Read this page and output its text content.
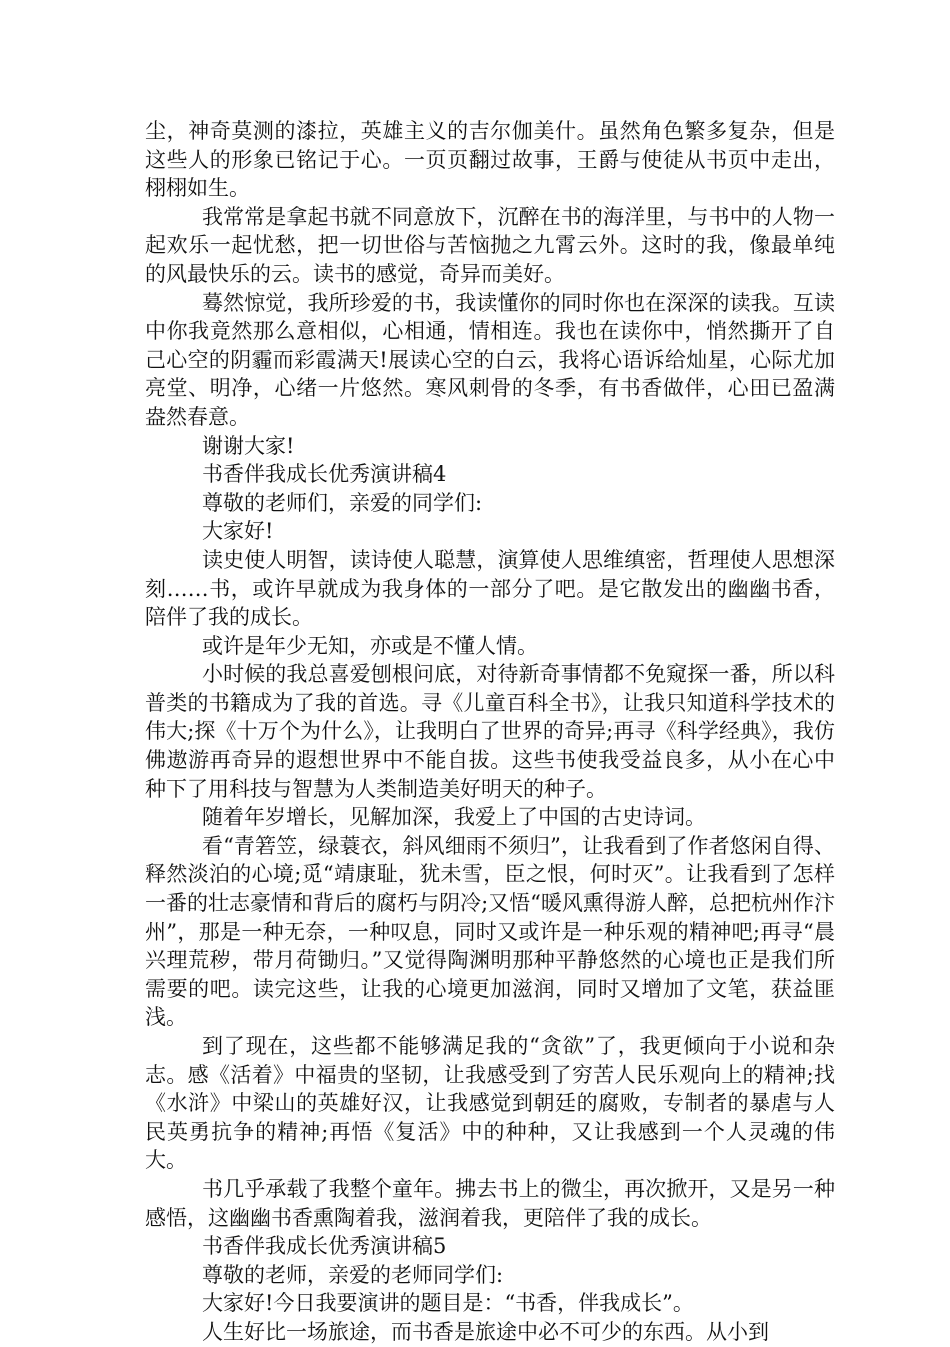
尘，神奇莫测的漆拉，英雄主义的吉尔伽美什。虽然角色繁多复杂，但是这些人的形象已铭记于心。一页页翻过故事，王爵与使徒从书页中走出，栩栩如生。

我常常是拿起书就不同意放下，沉醉在书的海洋里，与书中的人物一起欢乐一起忧愁，把一切世俗与苦恼抛之九霄云外。这时的我，像最单纯的风最快乐的云。读书的感觉，奇异而美好。

蓦然惊觉，我所珍爱的书，我读懂你的同时你也在深深的读我。互读中你我竟然那么意相似，心相通，情相连。我也在读你中，悄然撕开了自己心空的阴霾而彩霞满天!展读心空的白云，我将心语诉给灿星，心际尤加亮堂、明净，心绪一片悠然。寒风刺骨的冬季，有书香做伴，心田已盈满盎然春意。

谢谢大家!

书香伴我成长优秀演讲稿4

尊敬的老师们，亲爱的同学们:

大家好!

读史使人明智，读诗使人聪慧，演算使人思维缜密，哲理使人思想深刻……书，或许早就成为我身体的一部分了吧。是它散发出的幽幽书香，陪伴了我的成长。

或许是年少无知，亦或是不懂人情。

小时候的我总喜爱刨根问底，对待新奇事情都不免窥探一番，所以科普类的书籍成为了我的首选。寻《儿童百科全书》，让我只知道科学技术的伟大;探《十万个为什么》，让我明白了世界的奇异;再寻《科学经典》，我仿佛遨游再奇异的遐想世界中不能自拔。这些书使我受益良多，从小在心中种下了用科技与智慧为人类制造美好明天的种子。

随着年岁增长，见解加深，我爱上了中国的古史诗词。

看“青箬笠，绿蓑衣，斜风细雨不须归”，让我看到了作者悠闲自得、释然淡泊的心境;觅“靖康耻，犹未雪，臣之恨，何时灭”。让我看到了怎样一番的壮志豪情和背后的腐朽与阴冷;又悟“暖风熏得游人醉，总把杭州作汴州”，那是一种无奈，一种叹息，同时又或许是一种乐观的精神吧;再寻“晨兴理荒秽，带月荷锄归。”又觉得陶渊明那种平静悠然的心境也正是我们所需要的吧。读完这些，让我的心境更加滋润，同时又增加了文笔，获益匪浅。

到了现在，这些都不能够满足我的“贪欲”了，我更倾向于小说和杂志。感《活着》中福贵的坚韧，让我感受到了穷苦人民乐观向上的精神;找《水浒》中梁山的英雄好汉，让我感觉到朝廷的腐败，专制者的暴虐与人民英勇抗争的精神;再悟《复活》中的种种，又让我感到一个人灵魂的伟大。

书几乎承载了我整个童年。拂去书上的微尘，再次掀开，又是另一种感悟，这幽幽书香熏陶着我，滋润着我，更陪伴了我的成长。

书香伴我成长优秀演讲稿5

尊敬的老师，亲爱的老师同学们:

大家好!今日我要演讲的题目是：“书香，伴我成长”。

人生好比一场旅途，而书香是旅途中必不可少的东西。从小到
